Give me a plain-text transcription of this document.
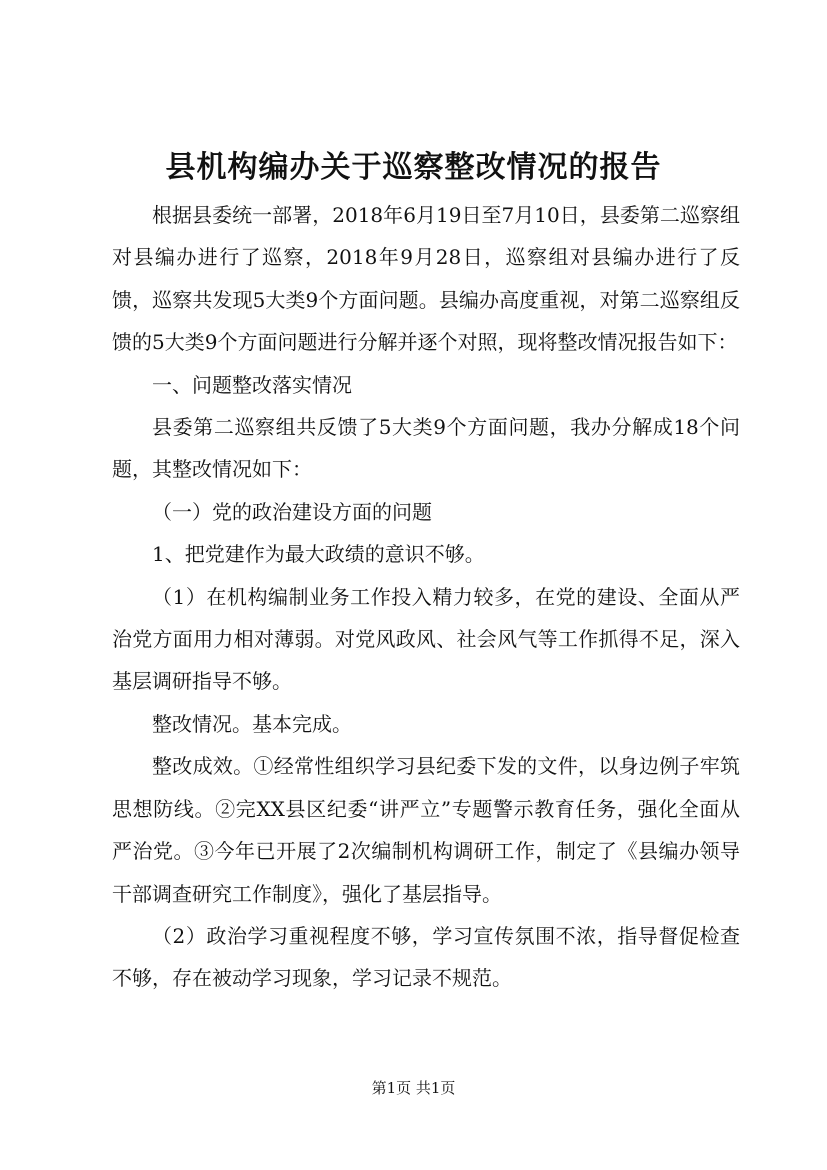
县机构编办关于巡察整改情况的报告

根据县委统一部署，2018年6月19日至7月10日，县委第二巡察组对县编办进行了巡察，2018年9月28日，巡察组对县编办进行了反馈，巡察共发现5大类9个方面问题。县编办高度重视，对第二巡察组反馈的5大类9个方面问题进行分解并逐个对照，现将整改情况报告如下：

一、问题整改落实情况

县委第二巡察组共反馈了5大类9个方面问题，我办分解成18个问题，其整改情况如下：

（一）党的政治建设方面的问题

1、把党建作为最大政绩的意识不够。

（1）在机构编制业务工作投入精力较多，在党的建设、全面从严治党方面用力相对薄弱。对党风政风、社会风气等工作抓得不足，深入基层调研指导不够。

整改情况。基本完成。

整改成效。①经常性组织学习县纪委下发的文件，以身边例子牢筑思想防线。②完XX县区纪委“讲严立”专题警示教育任务，强化全面从严治党。③今年已开展了2次编制机构调研工作，制定了《县编办领导干部调查研究工作制度》，强化了基层指导。

（2）政治学习重视程度不够，学习宣传氛围不浓，指导督促检查不够，存在被动学习现象，学习记录不规范。

第1页 共1页
